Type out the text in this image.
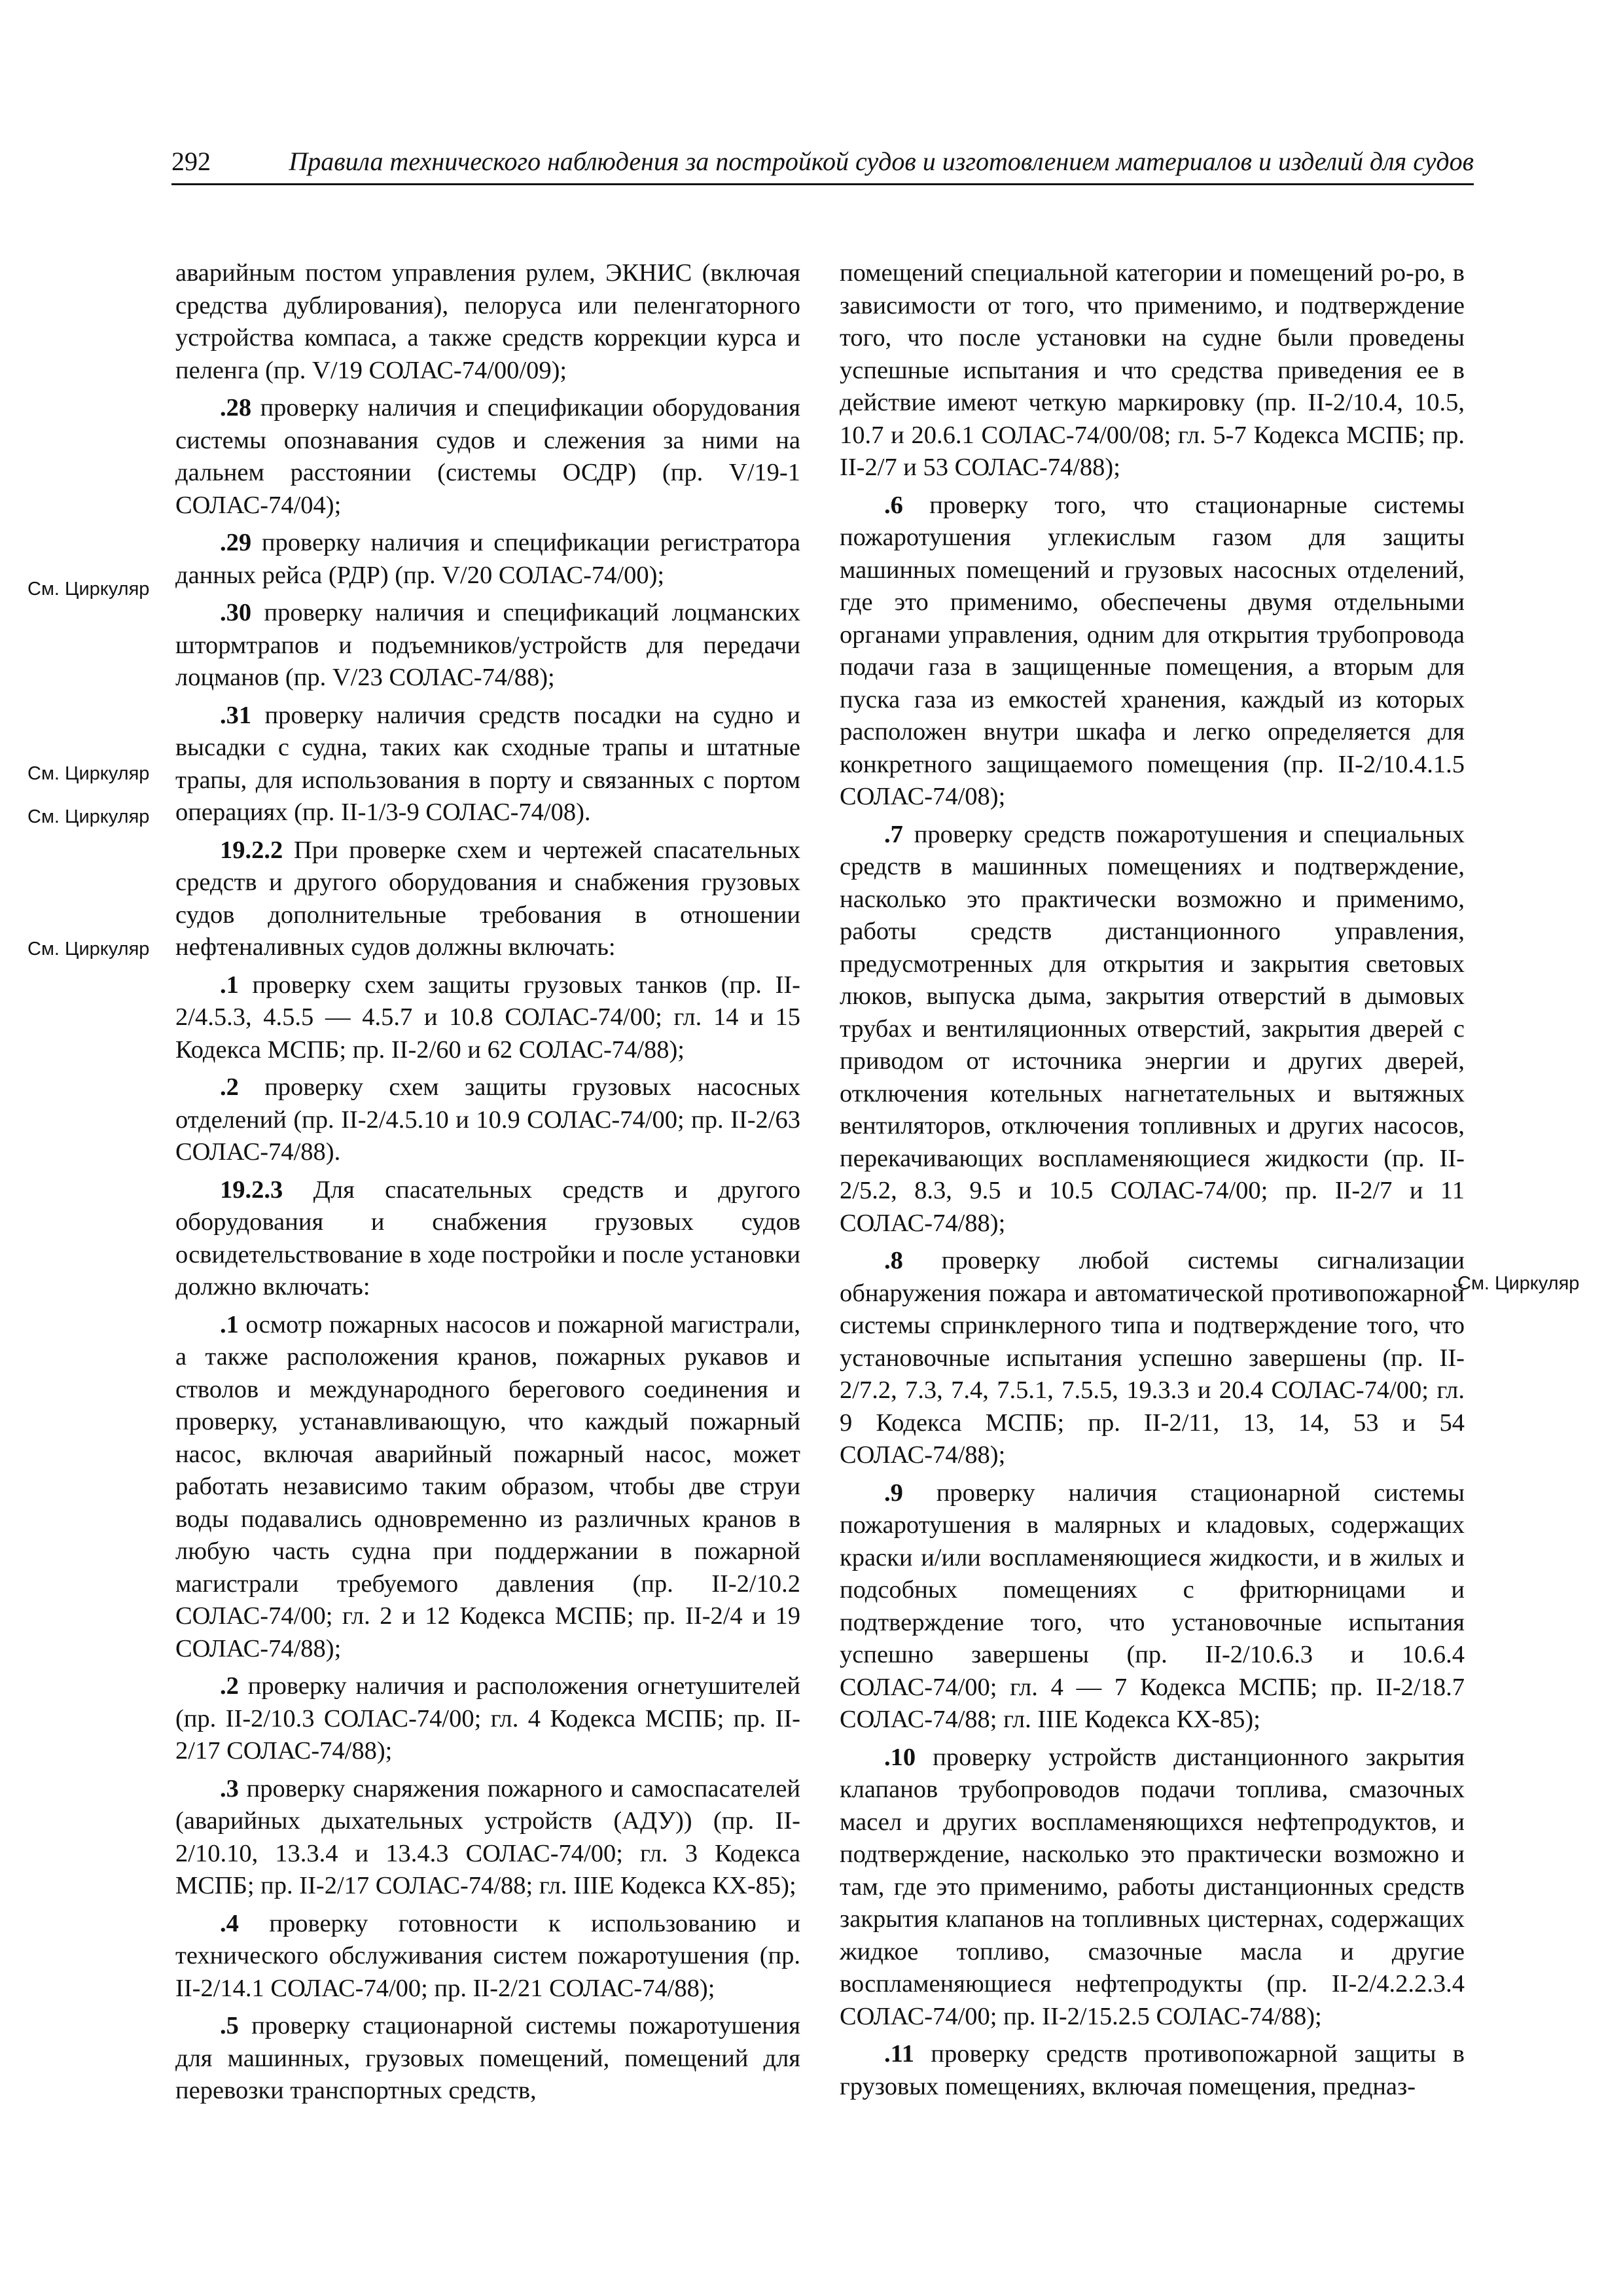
292	Правила технического наблюдения за постройкой судов и изготовлением материалов и изделий для судов
См. Циркуляр
См. Циркуляр
См. Циркуляр
См. Циркуляр
См. Циркуляр

аварийным постом управления рулем, ЭКНИС (включая средства дублирования), пелоруса или пеленгаторного устройства компаса, а также средств коррекции курса и пеленга (пр. V/19 СОЛАС-74/00/09);

.28 проверку наличия и спецификации оборудования системы опознавания судов и слежения за ними на дальнем расстоянии (системы ОСДР) (пр. V/19-1 СОЛАС-74/04);

.29 проверку наличия и спецификации регистратора данных рейса (РДР) (пр. V/20 СОЛАС-74/00);

.30 проверку наличия и спецификаций лоцманских штормтрапов и подъемников/устройств для передачи лоцманов (пр. V/23 СОЛАС-74/88);

.31 проверку наличия средств посадки на судно и высадки с судна, таких как сходные трапы и штатные трапы, для использования в порту и связанных с портом операциях (пр. II-1/3-9 СОЛАС-74/08).

19.2.2 При проверке схем и чертежей спасательных средств и другого оборудования и снабжения грузовых судов дополнительные требования в отношении нефтеналивных судов должны включать:

.1 проверку схем защиты грузовых танков (пр. II-2/4.5.3, 4.5.5 — 4.5.7 и 10.8 СОЛАС-74/00; гл. 14 и 15 Кодекса МСПБ; пр. II-2/60 и 62 СОЛАС-74/88);

.2 проверку схем защиты грузовых насосных отделений (пр. II-2/4.5.10 и 10.9 СОЛАС-74/00; пр. II-2/63 СОЛАС-74/88).

19.2.3 Для спасательных средств и другого оборудования и снабжения грузовых судов освидетельствование в ходе постройки и после установки должно включать:

.1 осмотр пожарных насосов и пожарной магистрали, а также расположения кранов, пожарных рукавов и стволов и международного берегового соединения и проверку, устанавливающую, что каждый пожарный насос, включая аварийный пожарный насос, может работать независимо таким образом, чтобы две струи воды подавались одновременно из различных кранов в любую часть судна при поддержании в пожарной магистрали требуемого давления (пр. II-2/10.2 СОЛАС-74/00; гл. 2 и 12 Кодекса МСПБ; пр. II-2/4 и 19 СОЛАС-74/88);

.2 проверку наличия и расположения огнетушителей (пр. II-2/10.3 СОЛАС-74/00; гл. 4 Кодекса МСПБ; пр. II-2/17 СОЛАС-74/88);

.3 проверку снаряжения пожарного и самоспасателей (аварийных дыхательных устройств (АДУ)) (пр. II-2/10.10, 13.3.4 и 13.4.3 СОЛАС-74/00; гл. 3 Кодекса МСПБ; пр. II-2/17 СОЛАС-74/88; гл. IIIE Кодекса КХ-85);

.4 проверку готовности к использованию и технического обслуживания систем пожаротушения (пр. II-2/14.1 СОЛАС-74/00; пр. II-2/21 СОЛАС-74/88);

.5 проверку стационарной системы пожаротушения для машинных, грузовых помещений, помещений для перевозки транспортных средств,

помещений специальной категории и помещений ро-ро, в зависимости от того, что применимо, и подтверждение того, что после установки на судне были проведены успешные испытания и что средства приведения ее в действие имеют четкую маркировку (пр. II-2/10.4, 10.5, 10.7 и 20.6.1 СОЛАС-74/00/08; гл. 5-7 Кодекса МСПБ; пр. II-2/7 и 53 СОЛАС-74/88);

.6 проверку того, что стационарные системы пожаротушения углекислым газом для защиты машинных помещений и грузовых насосных отделений, где это применимо, обеспечены двумя отдельными органами управления, одним для открытия трубопровода подачи газа в защищенные помещения, а вторым для пуска газа из емкостей хранения, каждый из которых расположен внутри шкафа и легко определяется для конкретного защищаемого помещения (пр. II-2/10.4.1.5 СОЛАС-74/08);

.7 проверку средств пожаротушения и специальных средств в машинных помещениях и подтверждение, насколько это практически возможно и применимо, работы средств дистанционного управления, предусмотренных для открытия и закрытия световых люков, выпуска дыма, закрытия отверстий в дымовых трубах и вентиляционных отверстий, закрытия дверей с приводом от источника энергии и других дверей, отключения котельных нагнетательных и вытяжных вентиляторов, отключения топливных и других насосов, перекачивающих воспламеняющиеся жидкости (пр. II-2/5.2, 8.3, 9.5 и 10.5 СОЛАС-74/00; пр. II-2/7 и 11 СОЛАС-74/88);

.8 проверку любой системы сигнализации обнаружения пожара и автоматической противопожарной системы спринклерного типа и подтверждение того, что установочные испытания успешно завершены (пр. II-2/7.2, 7.3, 7.4, 7.5.1, 7.5.5, 19.3.3 и 20.4 СОЛАС-74/00; гл. 9 Кодекса МСПБ; пр. II-2/11, 13, 14, 53 и 54 СОЛАС-74/88);

.9 проверку наличия стационарной системы пожаротушения в малярных и кладовых, содержащих краски и/или воспламеняющиеся жидкости, и в жилых и подсобных помещениях с фритюрницами и подтверждение того, что установочные испытания успешно завершены (пр. II-2/10.6.3 и 10.6.4 СОЛАС-74/00; гл. 4 — 7 Кодекса МСПБ; пр. II-2/18.7 СОЛАС-74/88; гл. IIIE Кодекса КХ-85);

.10 проверку устройств дистанционного закрытия клапанов трубопроводов подачи топлива, смазочных масел и других воспламеняющихся нефтепродуктов, и подтверждение, насколько это практически возможно и там, где это применимо, работы дистанционных средств закрытия клапанов на топливных цистернах, содержащих жидкое топливо, смазочные масла и другие воспламеняющиеся нефтепродукты (пр. II-2/4.2.2.3.4 СОЛАС-74/00; пр. II-2/15.2.5 СОЛАС-74/88);

.11 проверку средств противопожарной защиты в грузовых помещениях, включая помещения, предназ-
